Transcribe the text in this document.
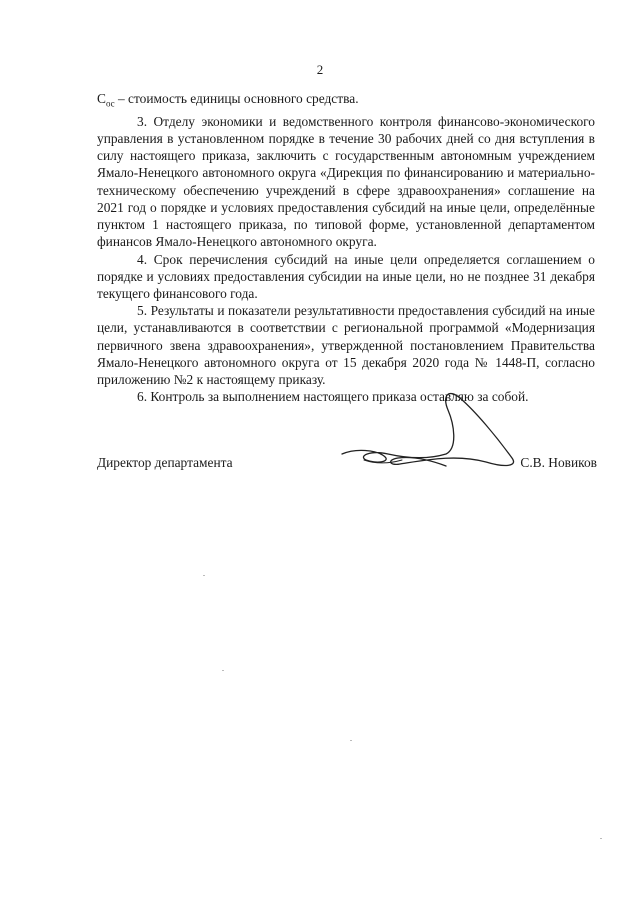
2

$С_{ос}$ – стоимость единицы основного средства.

3. Отделу экономики и ведомственного контроля финансово-экономического управления в установленном порядке в течение 30 рабочих дней со дня вступления в силу настоящего приказа, заключить с государственным автономным учреждением Ямало-Ненецкого автономного округа «Дирекция по финансированию и материально-техническому обеспечению учреждений в сфере здравоохранения» соглашение на 2021 год о порядке и условиях предоставления субсидий на иные цели, определённые пунктом 1 настоящего приказа, по типовой форме, установленной департаментом финансов Ямало-Ненецкого автономного округа.

4. Срок перечисления субсидий на иные цели определяется соглашением о порядке и условиях предоставления субсидии на иные цели, но не позднее 31 декабря текущего финансового года.

5. Результаты и показатели результативности предоставления субсидий на иные цели, устанавливаются в соответствии с региональной программой «Модернизация первичного звена здравоохранения», утвержденной постановлением Правительства Ямало-Ненецкого автономного округа от 15 декабря 2020 года № 1448-П, согласно приложению №2 к настоящему приказу.

6. Контроль за выполнением настоящего приказа оставляю за собой.

Директор департамента	С.В. Новиков
